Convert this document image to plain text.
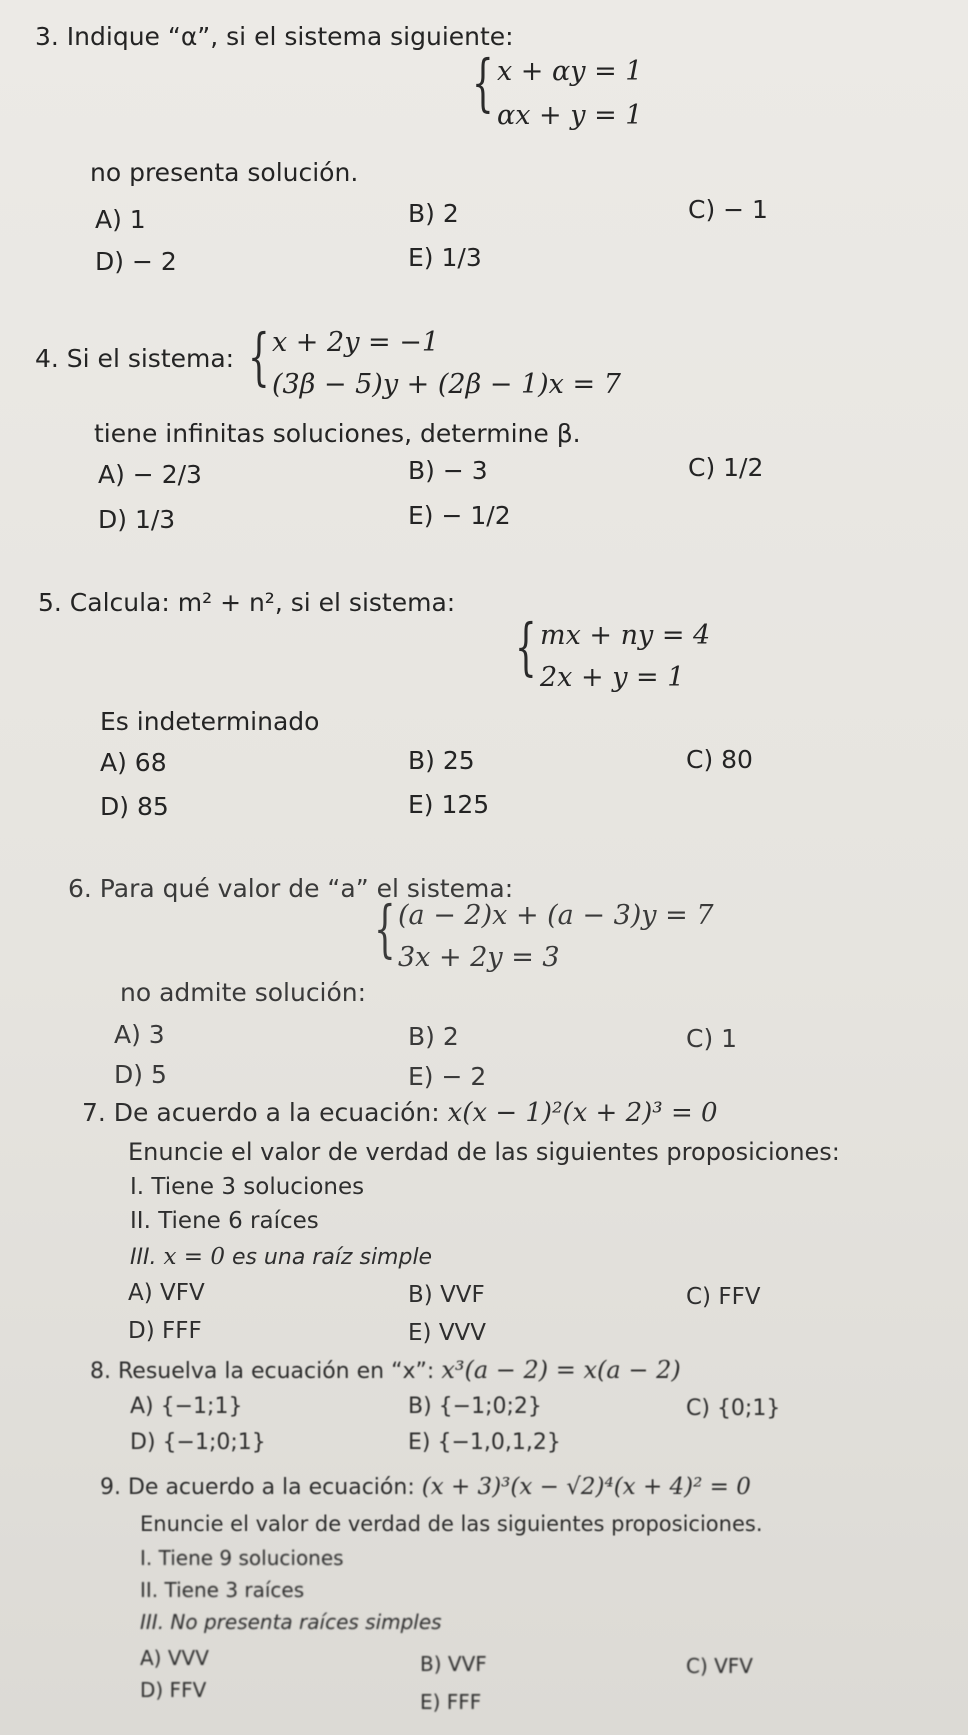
3. Indique “α”, si el sistema siguiente:
{ x + αy = 1
αx + y = 1
no presenta solución.
A) 1	B) 2	C) − 1
D) − 2	E) 1/3
4. Si el sistema: { x + 2y = −1
(3β − 5)y + (2β − 1)x = 7
tiene infinitas soluciones, determine β.
A) − 2/3	B) − 3	C) 1/2
D) 1/3	E) − 1/2
5. Calcula: m² + n², si el sistema:
{ mx + ny = 4
2x + y = 1
Es indeterminado
A) 68	B) 25	C) 80
D) 85	E) 125
6. Para qué valor de “a” el sistema:
{ (a − 2)x + (a − 3)y = 7
3x + 2y = 3
no admite solución:
A) 3	B) 2	C) 1
D) 5	E) − 2
7. De acuerdo a la ecuación: x(x − 1)²(x + 2)³ = 0
Enuncie el valor de verdad de las siguientes proposiciones:
I. Tiene 3 soluciones
II. Tiene 6 raíces
III. x = 0 es una raíz simple
A) VFV	B) VVF	C) FFV
D) FFF	E) VVV
8. Resuelva la ecuación en “x”: x³(a − 2) = x(a − 2)
A) {−1;1}	B) {−1;0;2}	C) {0;1}
D) {−1;0;1}	E) {−1,0,1,2}
9. De acuerdo a la ecuación: (x + 3)³(x − √2)⁴(x + 4)² = 0
Enuncie el valor de verdad de las siguientes proposiciones.
I. Tiene 9 soluciones
II. Tiene 3 raíces
III. No presenta raíces simples
A) VVV	B) VVF	C) VFV
D) FFV	E) FFF
